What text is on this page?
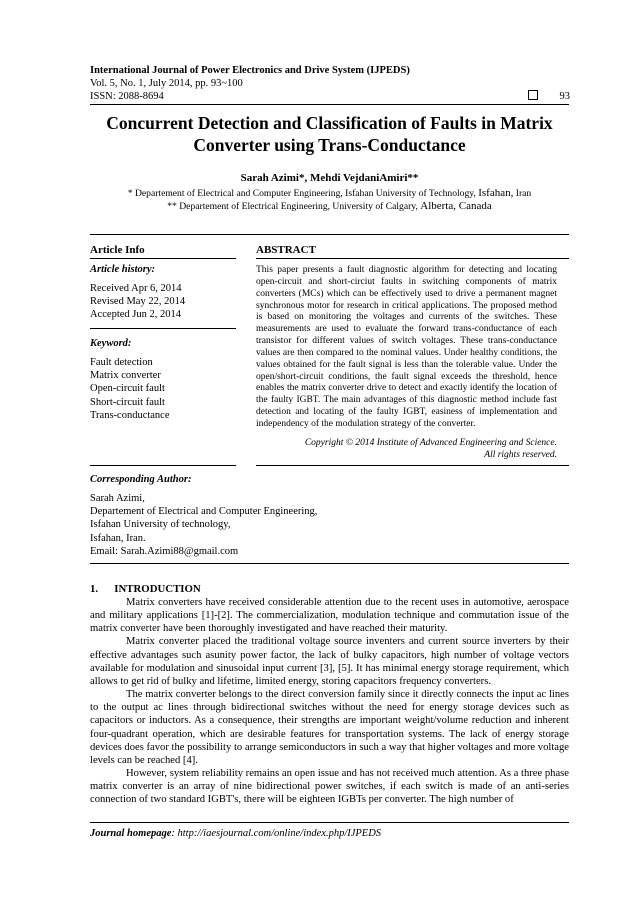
International Journal of Power Electronics and Drive System (IJPEDS)
Vol. 5, No. 1, July 2014, pp. 93~100
ISSN: 2088-8694	93
Concurrent Detection and Classification of Faults in Matrix
Converter using Trans-Conductance
Sarah Azimi*, Mehdi VejdaniAmiri**
* Departement of Electrical and Computer Engineering, Isfahan University of Technology, Isfahan, Iran
** Departement of Electrical Engineering, University of Calgary, Alberta, Canada
Article Info
Article history:
Received Apr 6, 2014
Revised May 22, 2014
Accepted Jun 2, 2014
Keyword:
Fault detection
Matrix converter
Open-circuit fault
Short-circuit fault
Trans-conductance
ABSTRACT
This paper presents a fault diagnostic algorithm for detecting and locating open-circuit and short-circiut faults in switching components of matrix converters (MCs) which can be effectively used to drive a permanent magnet synchronous motor for research in critical applications. The proposed method is based on monitoring the voltages and currents of the switches. These measurements are used to evaluate the forward trans-conductance of each transistor for different values of switch voltages. These trans-conductance values are then compared to the nominal values. Under healthy conditions, the values obtained for the fault signal is less than the tolerable value. Under the open/short-circuit conditions, the fault signal exceeds the threshold, hence enables the matrix converter drive to detect and exactly identify the location of the faulty IGBT. The main advantages of this diagnostic method include fast detection and locating of the faulty IGBT, easiness of implementation and independency of the modulation strategy of the converter.
Copyright © 2014 Institute of Advanced Engineering and Science.
All rights reserved.
Corresponding Author:
Sarah Azimi,
Departement of Electrical and Computer Engineering,
Isfahan University of technology,
Isfahan, Iran.
Email: Sarah.Azimi88@gmail.com
1.      INTRODUCTION

Matrix converters have received considerable attention due to the recent uses in automotive, aerospace and military applications [1]-[2]. The commercialization, modulation technique and commutation issue of the matrix converter have been thoroughly investigated and have reached their maturity.

Matrix converter placed the traditional voltage source inventers and current source inverters by their effective advantages such asunity power factor, the lack of bulky capacitors, high number of voltage vectors available for modulation and sinusoidal input current [3], [5]. It has minimal energy storage requirement, which allows to get rid of bulky and lifetime, limited energy, storing capacitors frequency converters.

The matrix converter belongs to the direct conversion family since it directly connects the input ac lines to the output ac lines through bidirectional switches without the need for energy storage devices such as capacitors or inductors. As a consequence, their strengths are important weight/volume reduction and inherent four-quadrant operation, which are desirable features for transportation systems. The lack of energy storage devices does favor the possibility to arrange semiconductors in such a way that higher voltages and more voltage levels can be reached [4].

However, system reliability remains an open issue and has not received much attention. As a three phase matrix converter is an array of nine bidirectional power switches, if each switch is made of an anti-series connection of two standard IGBT's, there will be eighteen IGBTs per converter. The high number of

Journal homepage: http://iaesjournal.com/online/index.php/IJPEDS
